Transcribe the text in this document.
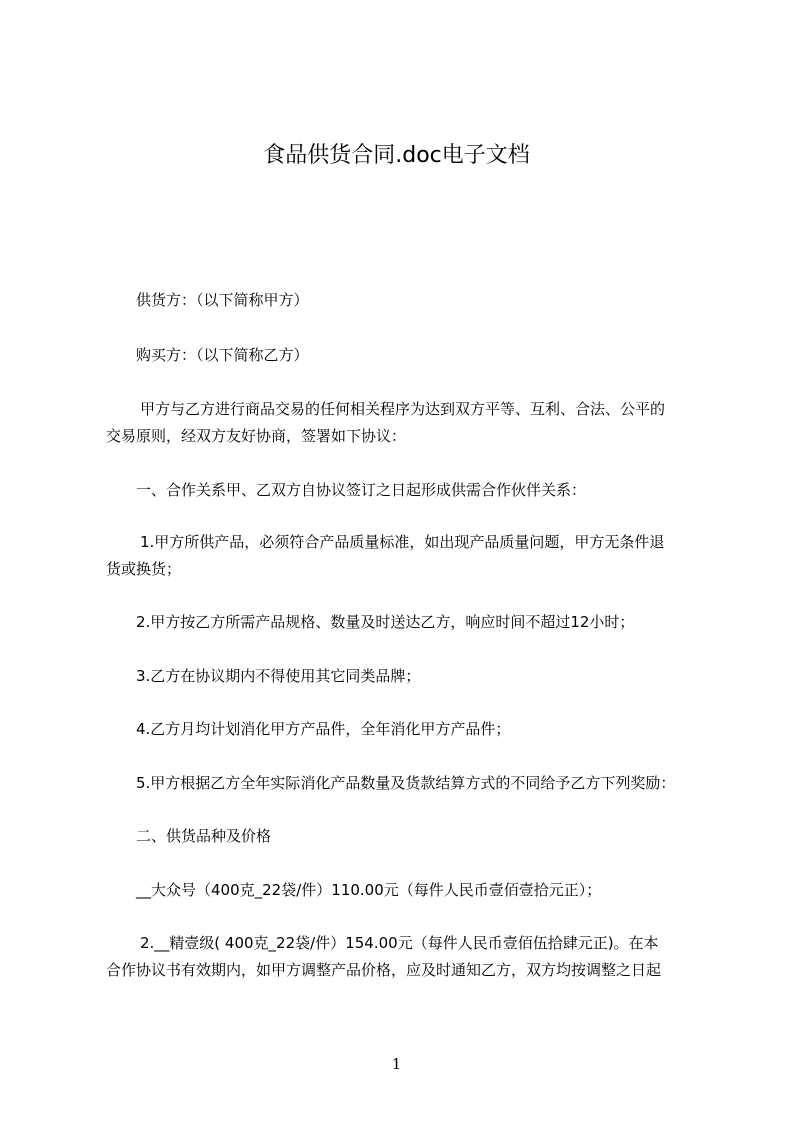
食品供货合同.doc电子文档

供货方：（以下简称甲方）

购买方：（以下简称乙方）

甲方与乙方进行商品交易的任何相关程序为达到双方平等、互利、合法、公平的

交易原则，经双方友好协商，签署如下协议：

一、合作关系甲、乙双方自协议签订之日起形成供需合作伙伴关系：

1.甲方所供产品，必须符合产品质量标准，如出现产品质量问题，甲方无条件退

货或换货；

2.甲方按乙方所需产品规格、数量及时送达乙方，响应时间不超过12小时；

3.乙方在协议期内不得使用其它同类品牌；

4.乙方月均计划消化甲方产品件，全年消化甲方产品件；

5.甲方根据乙方全年实际消化产品数量及货款结算方式的不同给予乙方下列奖励：

二、供货品种及价格

__大众号（400克_22袋/件）110.00元（每件人民币壹佰壹拾元正）；

2.__精壹级( 400克_22袋/件）154.00元（每件人民币壹佰伍拾肆元正)。在本

合作协议书有效期内，如甲方调整产品价格，应及时通知乙方，双方均按调整之日起

1
